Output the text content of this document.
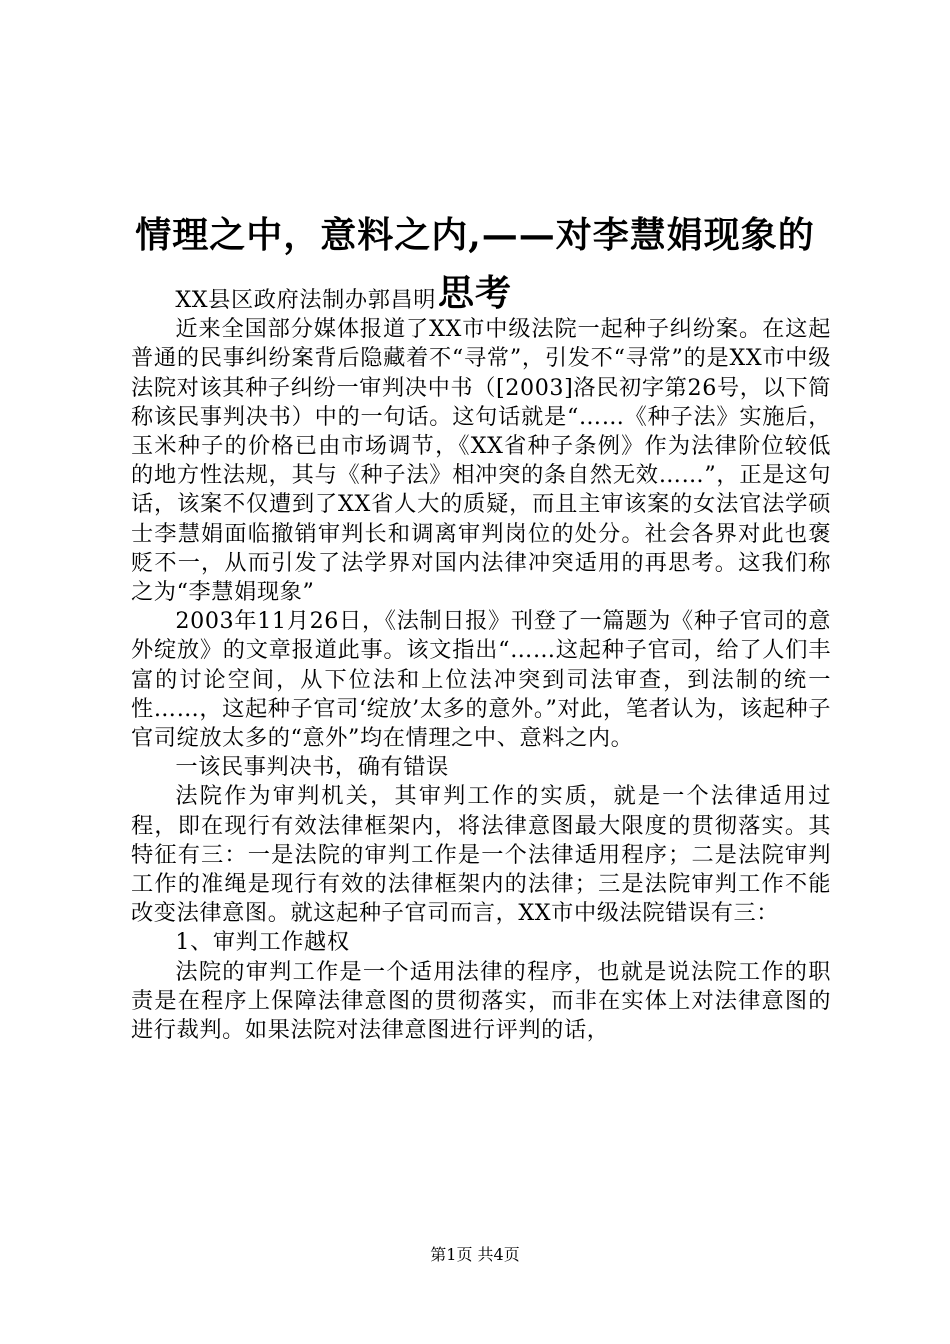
情理之中，意料之内,——对李慧娟现象的思考

XX县区政府法制办郭昌明

近来全国部分媒体报道了XX市中级法院一起种子纠纷案。在这起普通的民事纠纷案背后隐藏着不“寻常”，引发不“寻常”的是XX市中级法院对该其种子纠纷一审判决中书（[2003]洛民初字第26号，以下简称该民事判决书）中的一句话。这句话就是“……《种子法》实施后，玉米种子的价格已由市场调节，《XX省种子条例》作为法律阶位较低的地方性法规，其与《种子法》相冲突的条自然无效……”，正是这句话，该案不仅遭到了XX省人大的质疑，而且主审该案的女法官法学硕士李慧娟面临撤销审判长和调离审判岗位的处分。社会各界对此也褒贬不一，从而引发了法学界对国内法律冲突适用的再思考。这我们称之为“李慧娟现象”

2003年11月26日，《法制日报》刊登了一篇题为《种子官司的意外绽放》的文章报道此事。该文指出“……这起种子官司，给了人们丰富的讨论空间，从下位法和上位法冲突到司法审查，到法制的统一性……，这起种子官司‘绽放’太多的意外。”对此，笔者认为，该起种子官司绽放太多的“意外”均在情理之中、意料之内。

一该民事判决书，确有错误

法院作为审判机关，其审判工作的实质，就是一个法律适用过程，即在现行有效法律框架内，将法律意图最大限度的贯彻落实。其特征有三：一是法院的审判工作是一个法律适用程序；二是法院审判工作的准绳是现行有效的法律框架内的法律；三是法院审判工作不能改变法律意图。就这起种子官司而言，XX市中级法院错误有三：

1、审判工作越权

法院的审判工作是一个适用法律的程序，也就是说法院工作的职责是在程序上保障法律意图的贯彻落实，而非在实体上对法律意图的进行裁判。如果法院对法律意图进行评判的话，

第1页 共4页
